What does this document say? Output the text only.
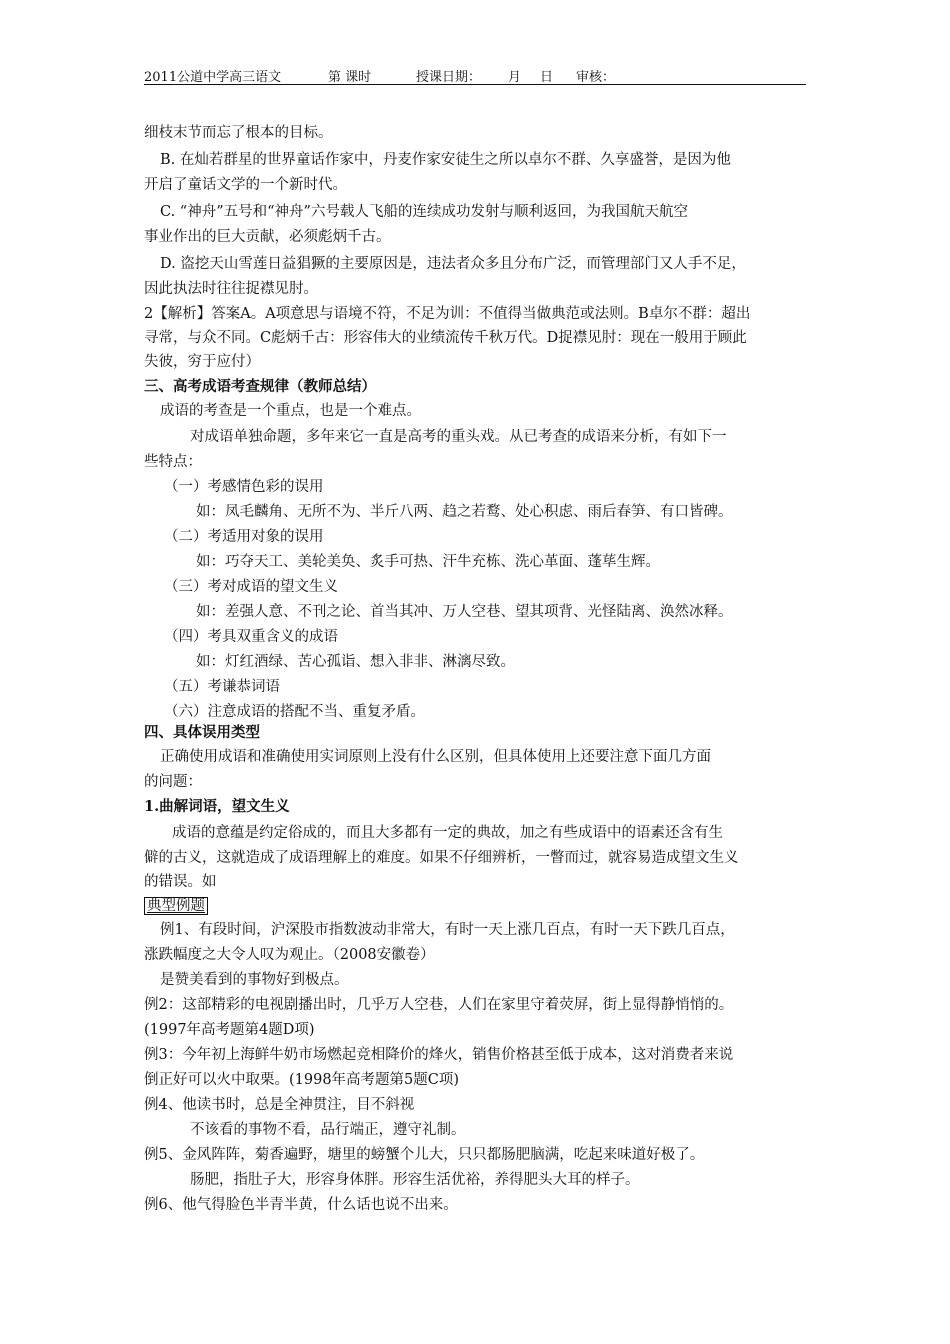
2011公道中学高三语文	第 课时	授课日期： 月 日 审核：
细枝末节而忘了根本的目标。
B. 在灿若群星的世界童话作家中，丹麦作家安徒生之所以卓尔不群、久享盛誉，是因为他
开启了童话文学的一个新时代。
C. “神舟”五号和“神舟”六号载人飞船的连续成功发射与顺利返回，为我国航天航空
事业作出的巨大贡献，必须彪炳千古。
D. 盗挖天山雪莲日益猖獗的主要原因是，违法者众多且分布广泛，而管理部门又人手不足，
因此执法时往往捉襟见肘。
2【解析】答案A。A项意思与语境不符，不足为训：不值得当做典范或法则。B卓尔不群：超出
寻常，与众不同。C彪炳千古：形容伟大的业绩流传千秋万代。D捉襟见肘：现在一般用于顾此
失彼，穷于应付）
三、高考成语考查规律（教师总结）
成语的考查是一个重点，也是一个难点。
对成语单独命题，多年来它一直是高考的重头戏。从已考查的成语来分析，有如下一
些特点：
（一）考感情色彩的误用
如：凤毛麟角、无所不为、半斤八两、趋之若鹜、处心积虑、雨后春笋、有口皆碑。
（二）考适用对象的误用
如：巧夺天工、美轮美奂、炙手可热、汗牛充栋、洗心革面、蓬荜生辉。
（三）考对成语的望文生义
如：差强人意、不刊之论、首当其冲、万人空巷、望其项背、光怪陆离、涣然冰释。
（四）考具双重含义的成语
如：灯红酒绿、苦心孤诣、想入非非、淋漓尽致。
（五）考谦恭词语
（六）注意成语的搭配不当、重复矛盾。
四、具体误用类型
正确使用成语和准确使用实词原则上没有什么区别，但具体使用上还要注意下面几方面
的问题：
1.曲解词语，望文生义
成语的意蕴是约定俗成的，而且大多都有一定的典故，加之有些成语中的语素还含有生
僻的古义，这就造成了成语理解上的难度。如果不仔细辨析，一瞥而过，就容易造成望文生义
的错误。如
典型例题
例1、有段时间，沪深股市指数波动非常大，有时一天上涨几百点，有时一天下跌几百点，
涨跌幅度之大令人叹为观止。（2008安徽卷）
是赞美看到的事物好到极点。
例2：这部精彩的电视剧播出时，几乎万人空巷，人们在家里守着荧屏，街上显得静悄悄的。
(1997年高考题第4题D项)
例3：今年初上海鲜牛奶市场燃起竞相降价的烽火，销售价格甚至低于成本，这对消费者来说
倒正好可以火中取栗。(1998年高考题第5题C项)
例4、他读书时，总是全神贯注，目不斜视
不该看的事物不看，品行端正，遵守礼制。
例5、金风阵阵，菊香遍野，塘里的螃蟹个儿大，只只都肠肥脑满，吃起来味道好极了。
肠肥，指肚子大，形容身体胖。形容生活优裕，养得肥头大耳的样子。
例6、他气得脸色半青半黄，什么话也说不出来。
